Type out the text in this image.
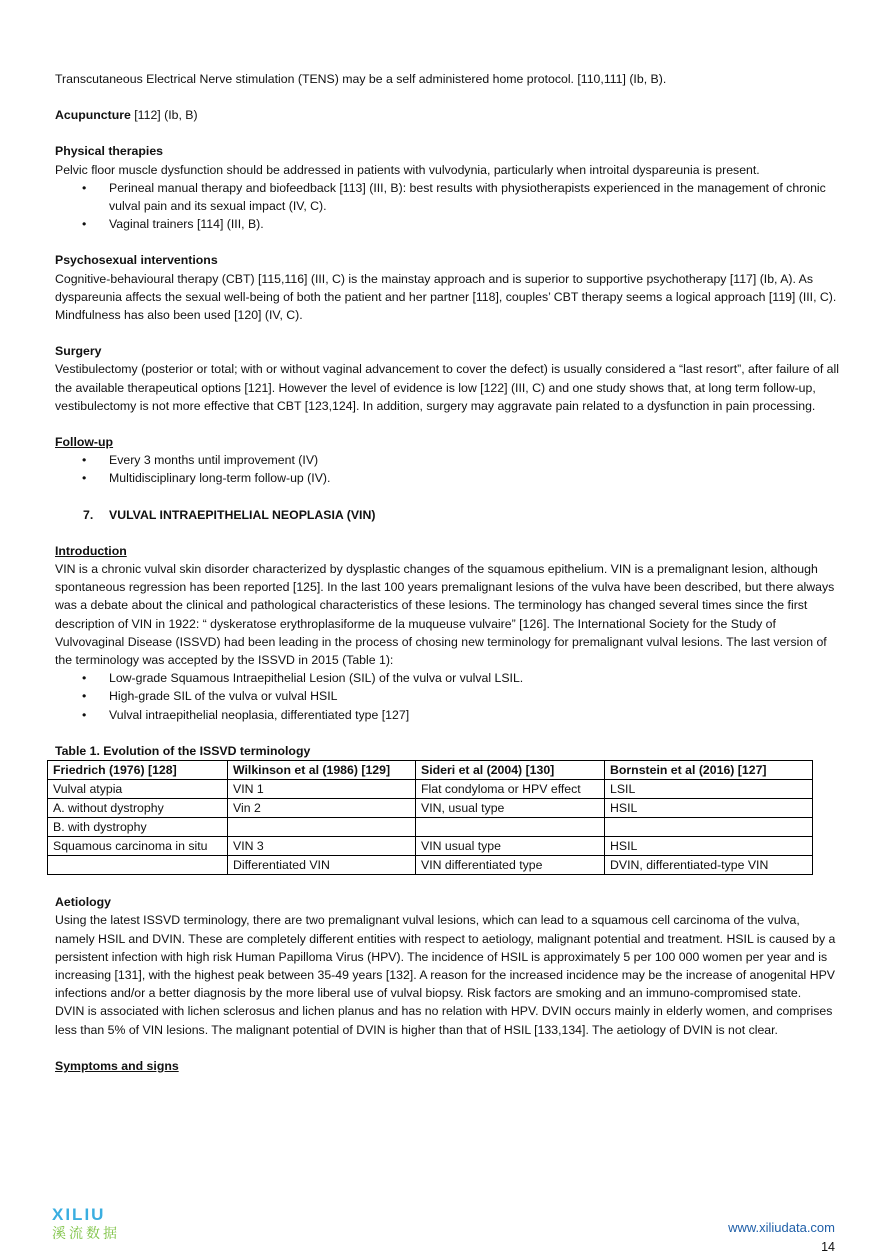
Transcutaneous Electrical Nerve stimulation (TENS) may be a self administered home protocol. [110,111] (Ib, B).

Acupuncture [112] (Ib, B)

Physical therapies

Pelvic floor muscle dysfunction should be addressed in patients with vulvodynia, particularly when introital dyspareunia is present.

• Perineal manual therapy and biofeedback [113] (III, B): best results with physiotherapists experienced in the management of chronic vulval pain and its sexual impact (IV, C).
• Vaginal trainers [114] (III, B).

Psychosexual interventions

Cognitive-behavioural therapy (CBT) [115,116] (III, C) is the mainstay approach and is superior to supportive psychotherapy [117] (Ib, A). As dyspareunia affects the sexual well-being of both the patient and her partner [118], couples’ CBT therapy seems a logical approach [119] (III, C). Mindfulness has also been used [120] (IV, C).

Surgery

Vestibulectomy (posterior or total; with or without vaginal advancement to cover the defect) is usually considered a “last resort”, after failure of all the available therapeutical options [121]. However the level of evidence is low [122] (III, C) and one study shows that, at long term follow-up, vestibulectomy is not more effective that CBT [123,124]. In addition, surgery may aggravate pain related to a dysfunction in pain processing.

Follow-up

• Every 3 months until improvement (IV)
• Multidisciplinary long-term follow-up (IV).

7. VULVAL INTRAEPITHELIAL NEOPLASIA (VIN)

Introduction

VIN is a chronic vulval skin disorder characterized by dysplastic changes of the squamous epithelium. VIN is a premalignant lesion, although spontaneous regression has been reported [125]. In the last 100 years premalignant lesions of the vulva have been described, but there always was a debate about the clinical and pathological characteristics of these lesions. The terminology has changed several times since the first description of VIN in 1922: “ dyskeratose erythroplasiforme de la muqueuse vulvaire” [126]. The International Society for the Study of Vulvovaginal Disease (ISSVD) had been leading in the process of chosing new terminology for premalignant vulval lesions. The last version of the terminology was accepted by the ISSVD in 2015 (Table 1):

• Low-grade Squamous Intraepithelial Lesion (SIL) of the vulva or vulval LSIL.
• High-grade SIL of the vulva or vulval HSIL
• Vulval intraepithelial neoplasia, differentiated type [127]

Table 1. Evolution of the ISSVD terminology

Friedrich (1976) [128]	Wilkinson et al (1986) [129]	Sideri et al (2004) [130]	Bornstein et al (2016) [127]
Vulval atypia	VIN 1	Flat condyloma or HPV effect	LSIL
A. without dystrophy	Vin 2	VIN, usual type	HSIL
B. with dystrophy			
Squamous carcinoma in situ	VIN 3	VIN usual type	HSIL
	Differentiated VIN	VIN differentiated type	DVIN, differentiated-type VIN

Aetiology

Using the latest ISSVD terminology, there are two premalignant vulval lesions, which can lead to a squamous cell carcinoma of the vulva, namely HSIL and DVIN. These are completely different entities with respect to aetiology, malignant potential and treatment. HSIL is caused by a persistent infection with high risk Human Papilloma Virus (HPV). The incidence of HSIL is approximately 5 per 100 000 women per year and is increasing [131], with the highest peak between 35-49 years [132]. A reason for the increased incidence may be the increase of anogenital HPV infections and/or a better diagnosis by the more liberal use of vulval biopsy. Risk factors are smoking and an immuno-compromised state.

DVIN is associated with lichen sclerosus and lichen planus and has no relation with HPV. DVIN occurs mainly in elderly women, and comprises less than 5% of VIN lesions. The malignant potential of DVIN is higher than that of HSIL [133,134]. The aetiology of DVIN is not clear.

Symptoms and signs

XILIU
溪流数据	www.xiliudata.com
14
